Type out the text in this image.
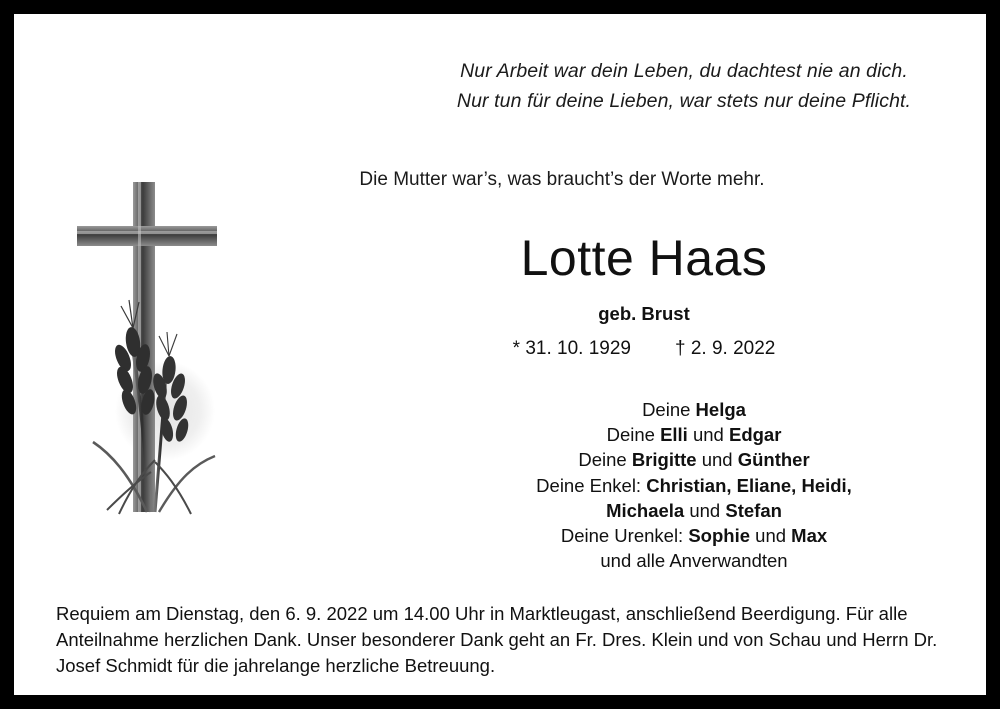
Nur Arbeit war dein Leben, du dachtest nie an dich.
Nur tun für deine Lieben, war stets nur deine Pflicht.
Die Mutter war’s, was braucht’s der Worte mehr.
Lotte Haas
geb. Brust
* 31. 10. 1929 † 2. 9. 2022
Deine Helga
Deine Elli und Edgar
Deine Brigitte und Günther
Deine Enkel: Christian, Eliane, Heidi,
Michaela und Stefan
Deine Urenkel: Sophie und Max
und alle Anverwandten
Requiem am Dienstag, den 6. 9. 2022 um 14.00 Uhr in Marktleugast, anschließend Beerdigung. Für alle Anteilnahme herzlichen Dank. Unser besonderer Dank geht an Fr. Dres. Klein und von Schau und Herrn Dr. Josef Schmidt für die jahrelange herzliche Betreuung.
